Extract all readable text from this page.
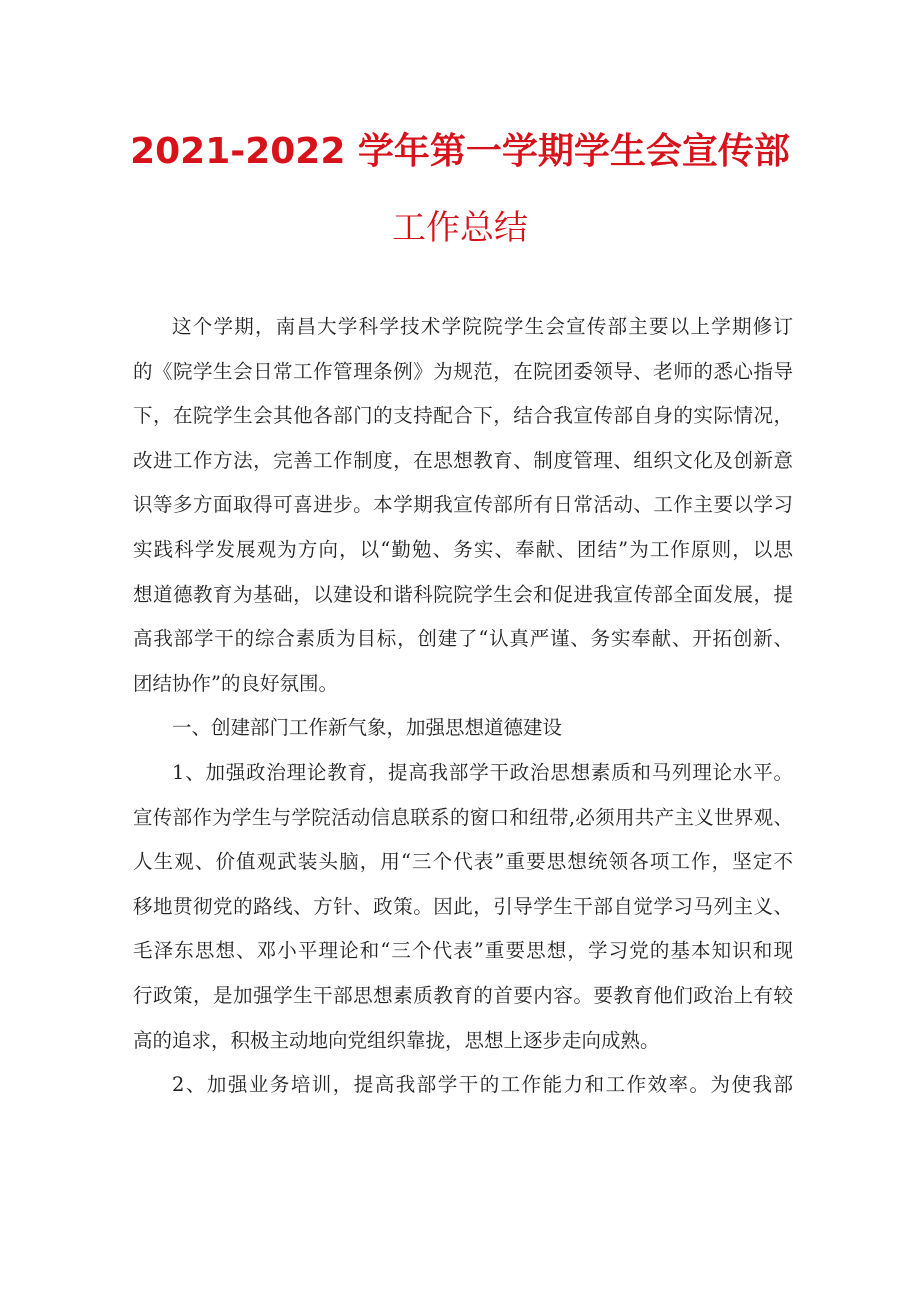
2021-2022 学年第一学期学生会宣传部
工作总结
这个学期，南昌大学科学技术学院院学生会宣传部主要以上学期修订
的《院学生会日常工作管理条例》为规范，在院团委领导、老师的悉心指导
下，在院学生会其他各部门的支持配合下，结合我宣传部自身的实际情况，
改进工作方法，完善工作制度，在思想教育、制度管理、组织文化及创新意
识等多方面取得可喜进步。本学期我宣传部所有日常活动、工作主要以学习
实践科学发展观为方向，以“勤勉、务实、奉献、团结”为工作原则，以思
想道德教育为基础，以建设和谐科院院学生会和促进我宣传部全面发展，提
高我部学干的综合素质为目标，创建了“认真严谨、务实奉献、开拓创新、
团结协作”的良好氛围。
一、创建部门工作新气象，加强思想道德建设
1、加强政治理论教育，提高我部学干政治思想素质和马列理论水平。
宣传部作为学生与学院活动信息联系的窗口和纽带,必须用共产主义世界观、
人生观、价值观武装头脑，用“三个代表”重要思想统领各项工作，坚定不
移地贯彻党的路线、方针、政策。因此，引导学生干部自觉学习马列主义、
毛泽东思想、邓小平理论和“三个代表”重要思想，学习党的基本知识和现
行政策，是加强学生干部思想素质教育的首要内容。要教育他们政治上有较
高的追求，积极主动地向党组织靠拢，思想上逐步走向成熟。
2、加强业务培训，提高我部学干的工作能力和工作效率。为使我部
